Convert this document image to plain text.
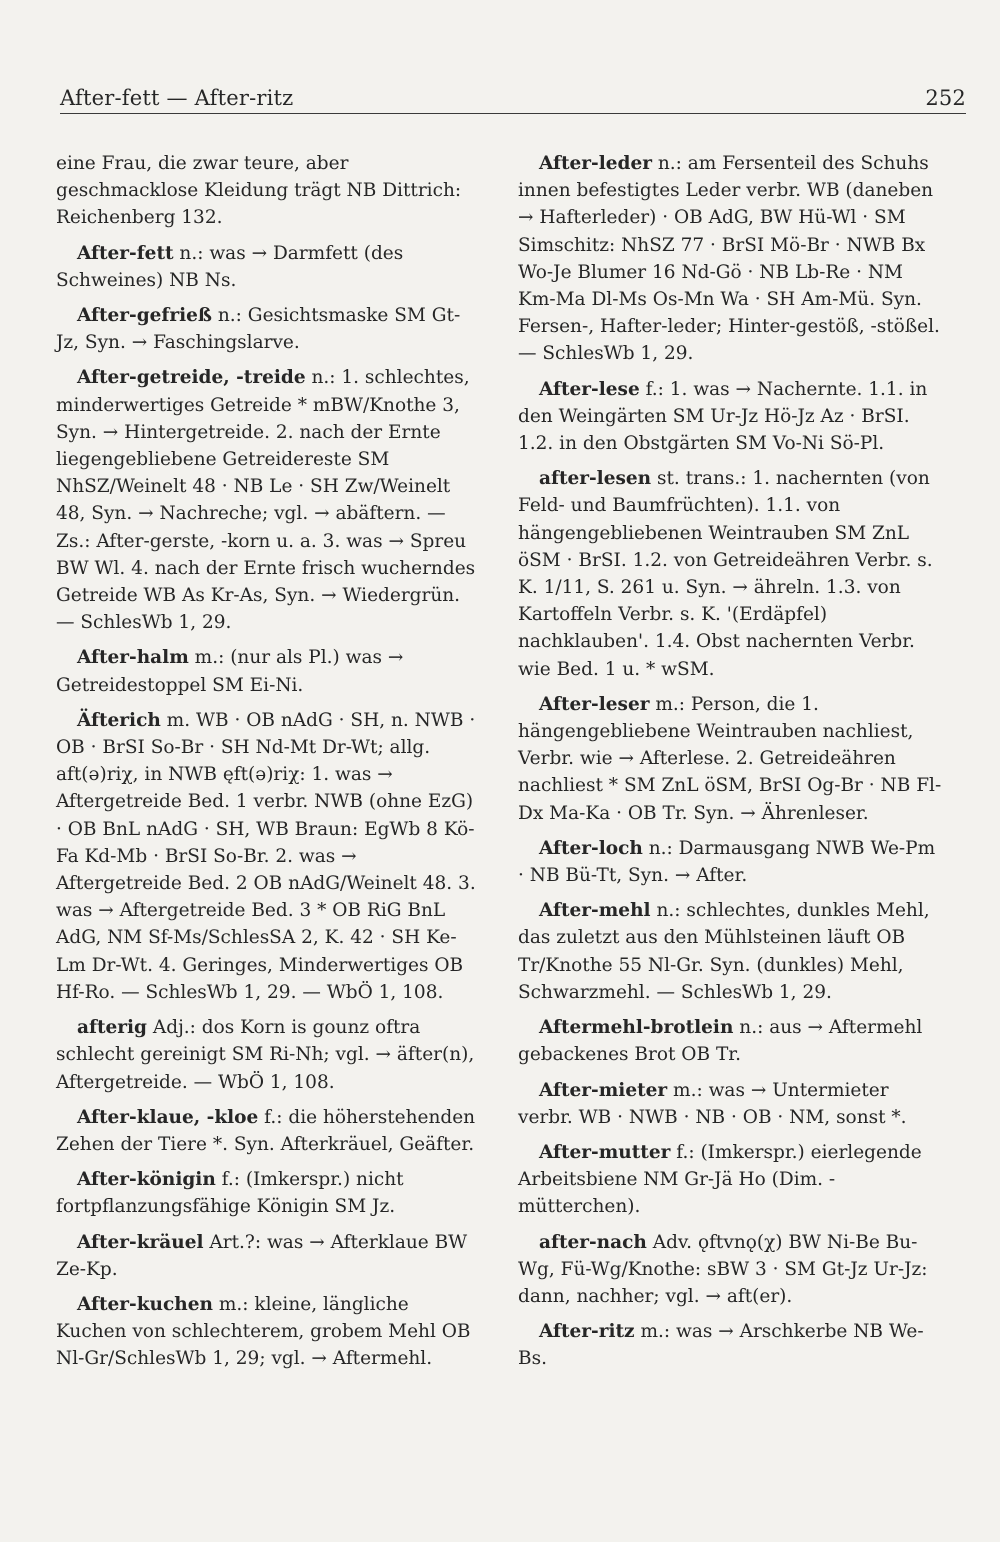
After-fett — After-ritz	252

eine Frau, die zwar teure, aber geschmacklose Kleidung trägt NB Dittrich: Reichenberg 132.

After-fett n.: was → Darmfett (des Schweines) NB Ns.

After-gefrieß n.: Gesichtsmaske SM Gt-Jz, Syn. → Faschingslarve.

After-getreide, -treide n.: 1. schlechtes, minderwertiges Getreide * mBW/Knothe 3, Syn. → Hintergetreide. 2. nach der Ernte liegengebliebene Getreidereste SM NhSZ/Weinelt 48 · NB Le · SH Zw/Weinelt 48, Syn. → Nachreche; vgl. → abäftern. — Zs.: After-gerste, -korn u. a. 3. was → Spreu BW Wl. 4. nach der Ernte frisch wucherndes Getreide WB As Kr-As, Syn. → Wiedergrün. — SchlesWb 1, 29.

After-halm m.: (nur als Pl.) was → Getreidestoppel SM Ei-Ni.

Äfterich m. WB · OB nAdG · SH, n. NWB · OB · BrSI So-Br · SH Nd-Mt Dr-Wt; allg. aft(ə)riχ, in NWB ęft(ə)riχ: 1. was → Aftergetreide Bed. 1 verbr. NWB (ohne EzG) · OB BnL nAdG · SH, WB Braun: EgWb 8 Kö-Fa Kd-Mb · BrSI So-Br. 2. was → Aftergetreide Bed. 2 OB nAdG/Weinelt 48. 3. was → Aftergetreide Bed. 3 * OB RiG BnL AdG, NM Sf-Ms/SchlesSA 2, K. 42 · SH Ke-Lm Dr-Wt. 4. Geringes, Minderwertiges OB Hf-Ro. — SchlesWb 1, 29. — WbÖ 1, 108.

afterig Adj.: dos Korn is gounz oftra schlecht gereinigt SM Ri-Nh; vgl. → äfter(n), Aftergetreide. — WbÖ 1, 108.

After-klaue, -kloe f.: die höherstehenden Zehen der Tiere *. Syn. Afterkräuel, Geäfter.

After-königin f.: (Imkerspr.) nicht fortpflanzungsfähige Königin SM Jz.

After-kräuel Art.?: was → Afterklaue BW Ze-Kp.

After-kuchen m.: kleine, längliche Kuchen von schlechterem, grobem Mehl OB Nl-Gr/SchlesWb 1, 29; vgl. → Aftermehl.

After-leder n.: am Fersenteil des Schuhs innen befestigtes Leder verbr. WB (daneben → Hafterleder) · OB AdG, BW Hü-Wl · SM Simschitz: NhSZ 77 · BrSI Mö-Br · NWB Bx Wo-Je Blumer 16 Nd-Gö · NB Lb-Re · NM Km-Ma Dl-Ms Os-Mn Wa · SH Am-Mü. Syn. Fersen-, Hafter-leder; Hinter-gestöß, -stößel. — SchlesWb 1, 29.

After-lese f.: 1. was → Nachernte. 1.1. in den Weingärten SM Ur-Jz Hö-Jz Az · BrSI. 1.2. in den Obstgärten SM Vo-Ni Sö-Pl.

after-lesen st. trans.: 1. nachernten (von Feld- und Baumfrüchten). 1.1. von hängengebliebenen Weintrauben SM ZnL öSM · BrSI. 1.2. von Getreideähren Verbr. s. K. 1/11, S. 261 u. Syn. → ähreln. 1.3. von Kartoffeln Verbr. s. K. '(Erdäpfel) nachklauben'. 1.4. Obst nachernten Verbr. wie Bed. 1 u. * wSM.

After-leser m.: Person, die 1. hängengebliebene Weintrauben nachliest, Verbr. wie → Afterlese. 2. Getreideähren nachliest * SM ZnL öSM, BrSI Og-Br · NB Fl-Dx Ma-Ka · OB Tr. Syn. → Ährenleser.

After-loch n.: Darmausgang NWB We-Pm · NB Bü-Tt, Syn. → After.

After-mehl n.: schlechtes, dunkles Mehl, das zuletzt aus den Mühlsteinen läuft OB Tr/Knothe 55 Nl-Gr. Syn. (dunkles) Mehl, Schwarzmehl. — SchlesWb 1, 29.

Aftermehl-brotlein n.: aus → Aftermehl gebackenes Brot OB Tr.

After-mieter m.: was → Untermieter verbr. WB · NWB · NB · OB · NM, sonst *.

After-mutter f.: (Imkerspr.) eierlegende Arbeitsbiene NM Gr-Jä Ho (Dim. -mütterchen).

after-nach Adv. ǫftvnǫ(χ) BW Ni-Be Bu-Wg, Fü-Wg/Knothe: sBW 3 · SM Gt-Jz Ur-Jz: dann, nachher; vgl. → aft(er).

After-ritz m.: was → Arschkerbe NB We-Bs.
